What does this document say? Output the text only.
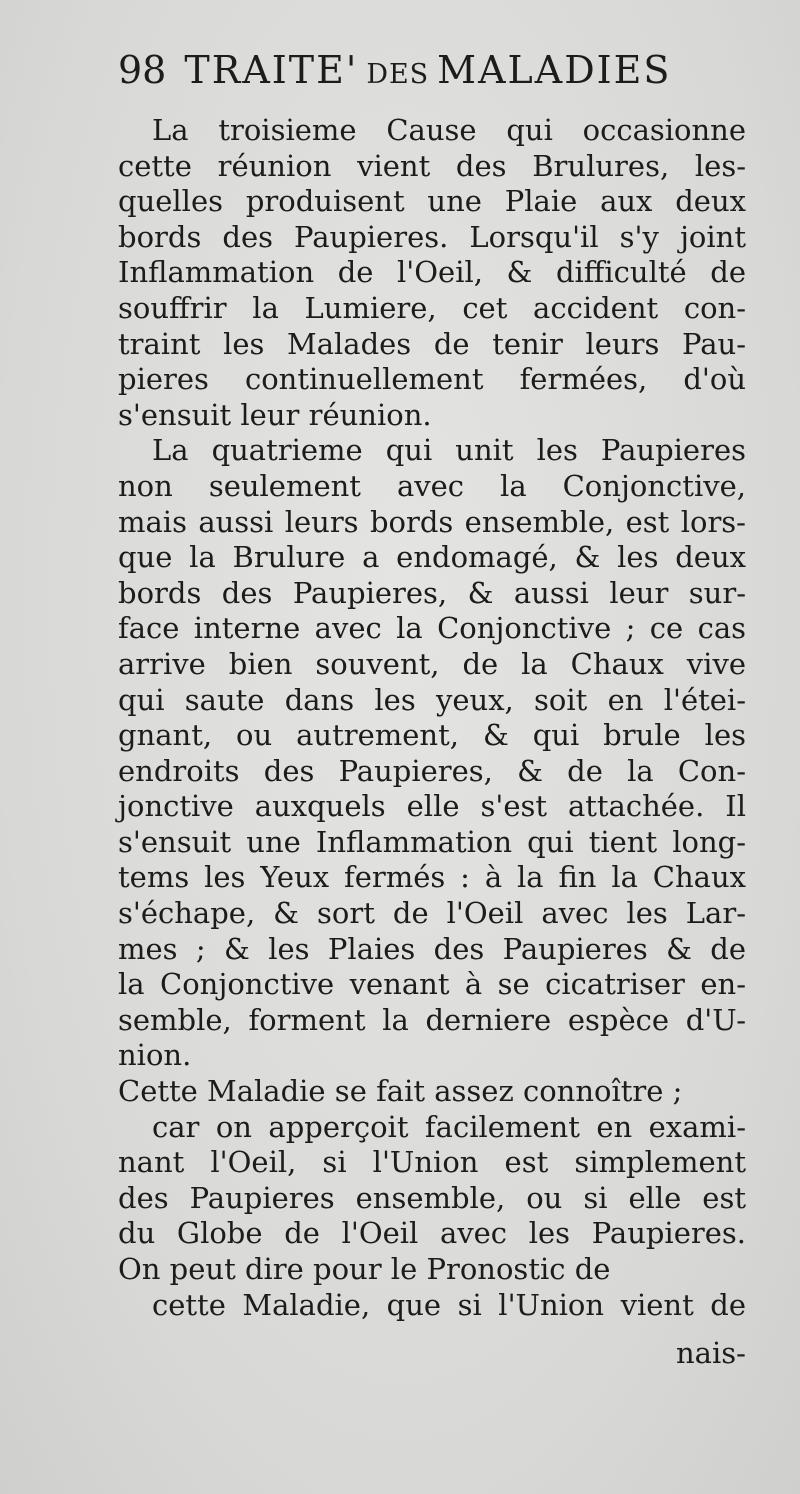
98 TRAITE' DES MALADIES
La troisieme Cause qui occasionne
cette réunion vient des Brulures, les-
quelles produisent une Plaie aux deux
bords des Paupieres. Lorsqu'il s'y joint
Inflammation de l'Oeil, & difficulté de
souffrir la Lumiere, cet accident con-
traint les Malades de tenir leurs Pau-
pieres continuellement fermées, d'où
s'ensuit leur réunion.
La quatrieme qui unit les Paupieres
non seulement avec la Conjonctive,
mais aussi leurs bords ensemble, est lors-
que la Brulure a endomagé, & les deux
bords des Paupieres, & aussi leur sur-
face interne avec la Conjonctive ; ce cas
arrive bien souvent, de la Chaux vive
qui saute dans les yeux, soit en l'étei-
gnant, ou autrement, & qui brule les
endroits des Paupieres, & de la Con-
jonctive auxquels elle s'est attachée. Il
s'ensuit une Inflammation qui tient long-
tems les Yeux fermés : à la fin la Chaux
s'échape, & sort de l'Oeil avec les Lar-
mes ; & les Plaies des Paupieres & de
la Conjonctive venant à se cicatriser en-
semble, forment la derniere espèce d'U-
nion.
Cette Maladie se fait assez connoître ;
car on apperçoit facilement en exami-
nant l'Oeil, si l'Union est simplement
des Paupieres ensemble, ou si elle est
du Globe de l'Oeil avec les Paupieres.
On peut dire pour le Pronostic de
cette Maladie, que si l'Union vient de
nais-
